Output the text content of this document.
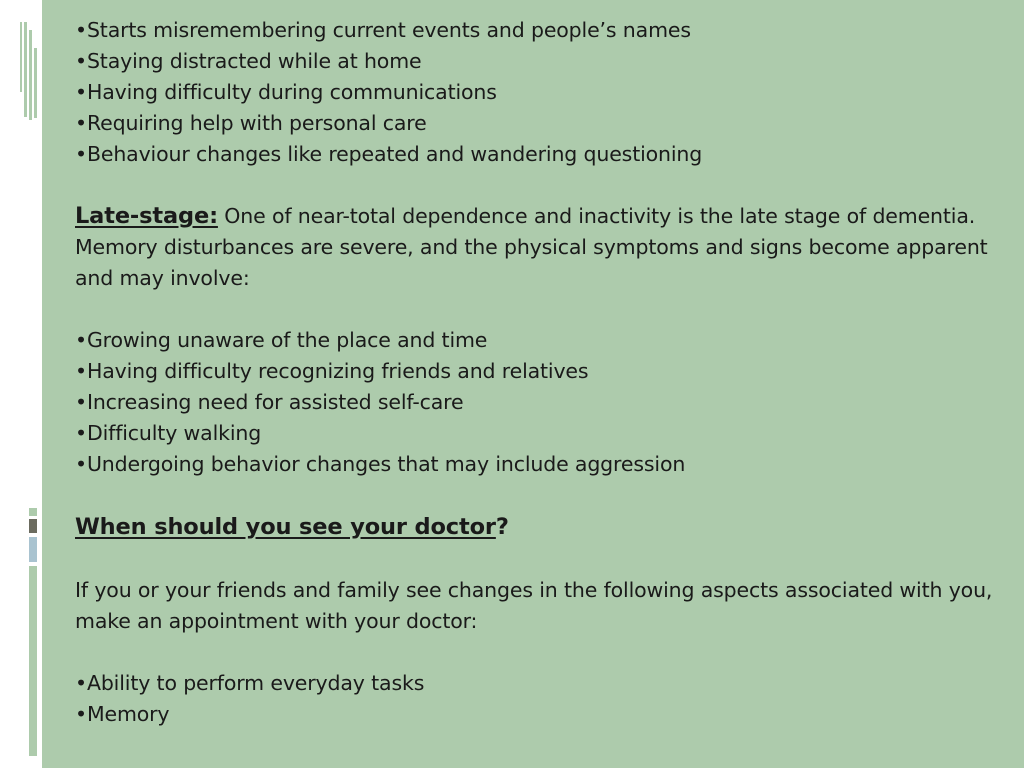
•Starts misremembering current events and people’s names
•Staying distracted while at home
•Having difficulty during communications
•Requiring help with personal care
•Behaviour changes like repeated and wandering questioning
Late-stage: One of near-total dependence and inactivity is the late stage of dementia. Memory disturbances are severe, and the physical symptoms and signs become apparent and may involve:
•Growing unaware of the place and time
•Having difficulty recognizing friends and relatives
•Increasing need for assisted self-care
•Difficulty walking
•Undergoing behavior changes that may include aggression
When should you see your doctor?
If you or your friends and family see changes in the following aspects associated with you, make an appointment with your doctor:
•Ability to perform everyday tasks
•Memory
